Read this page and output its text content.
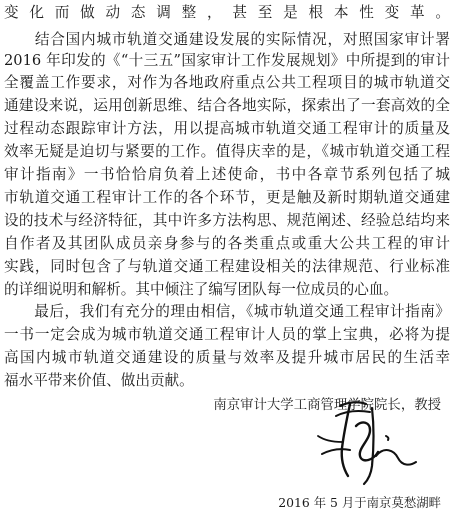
变化而做动态调整，甚至是根本性变革。
　　结合国内城市轨道交通建设发展的实际情况，对照国家审计署
2016 年印发的《“十三五”国家审计工作发展规划》中所提到的审计
全覆盖工作要求，对作为各地政府重点公共工程项目的城市轨道交
通建设来说，运用创新思维、结合各地实际，探索出了一套高效的全
过程动态跟踪审计方法，用以提高城市轨道交通工程审计的质量及
效率无疑是迫切与紧要的工作。值得庆幸的是，《城市轨道交通工程
审计指南》一书恰恰肩负着上述使命，书中各章节系列包括了城
市轨道交通工程审计工作的各个环节，更是触及新时期轨道交通建
设的技术与经济特征，其中许多方法构思、规范阐述、经验总结均来
自作者及其团队成员亲身参与的各类重点或重大公共工程的审计
实践，同时包含了与轨道交通工程建设相关的法律规范、行业标准
的详细说明和解析。其中倾注了编写团队每一位成员的心血。
　　最后，我们有充分的理由相信，《城市轨道交通工程审计指南》
一书一定会成为城市轨道交通工程审计人员的掌上宝典，必将为提
高国内城市轨道交通建设的质量与效率及提升城市居民的生活幸
福水平带来价值、做出贡献。
南京审计大学工商管理学院院长，教授
2016 年 5 月于南京莫愁湖畔
